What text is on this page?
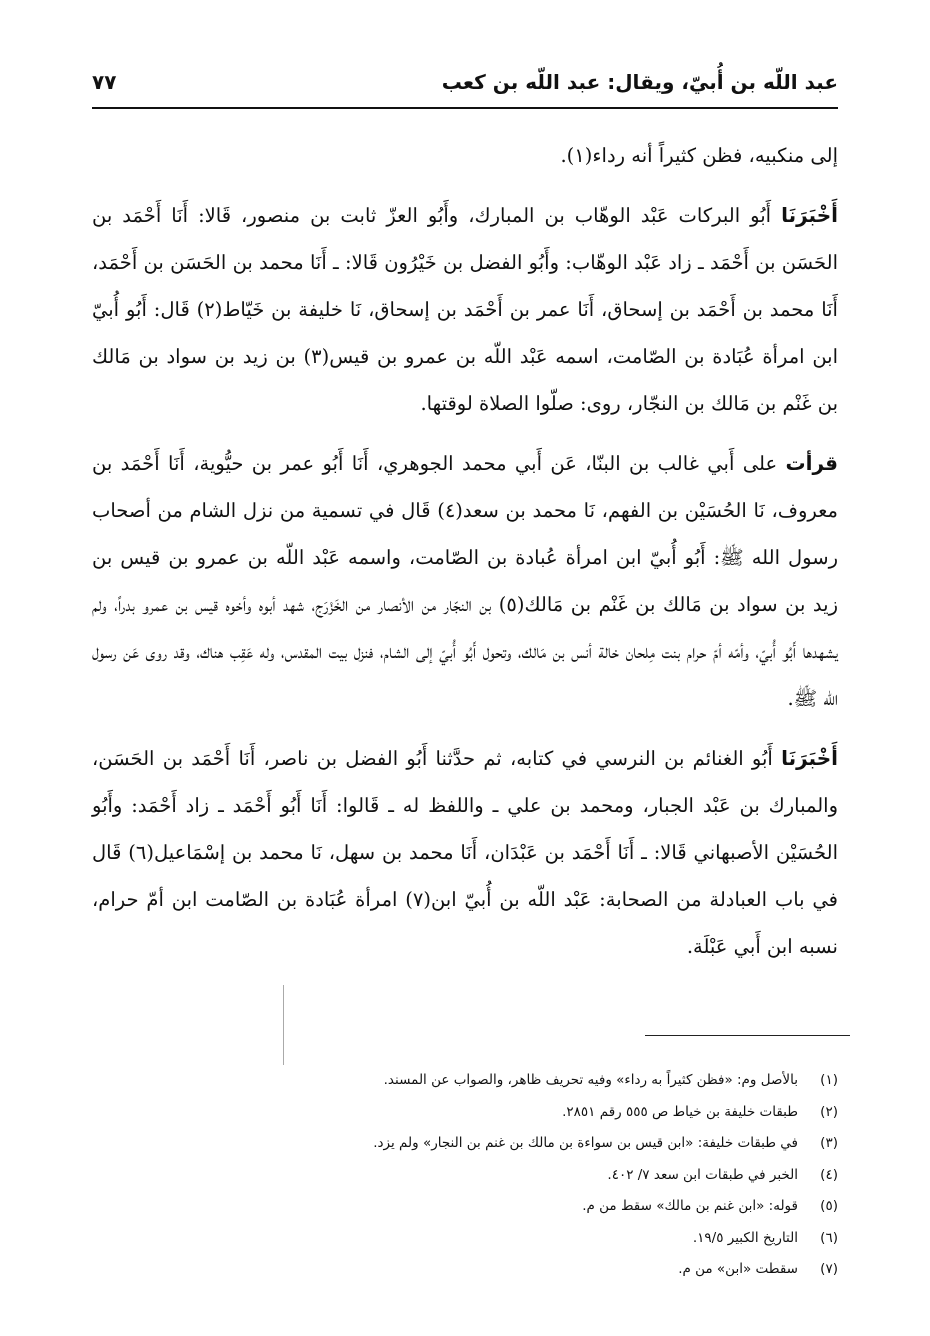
عبد اللّه بن أُبيّ، ويقال: عبد اللّه بن كعب
٧٧

إلى منكبيه، فظن كثيراً أنه رداء(١).

أَخْبَرَنَا أَبُو البركات عَبْد الوهّاب بن المبارك، وأَبُو العزّ ثابت بن منصور، قَالا: أَنَا أَحْمَد بن الحَسَن بن أَحْمَد ـ زاد عَبْد الوهّاب: وأَبُو الفضل بن خَيْرُون قَالا: ـ أَنَا محمد بن الحَسَن بن أَحْمَد، أَنَا محمد بن أَحْمَد بن إسحاق، أَنَا عمر بن أَحْمَد بن إسحاق، نَا خليفة بن خَيّاط(٢) قَال: أَبُو أُبيّ ابن امرأة عُبَادة بن الصّامت، اسمه عَبْد اللّه بن عمرو بن قيس(٣) بن زيد بن سواد بن مَالك بن غَنْم بن مَالك بن النجّار، روى: صلّوا الصلاة لوقتها.

قرأت على أَبي غالب بن البنّا، عَن أَبي محمد الجوهري، أَنَا أَبُو عمر بن حيُّوية، أَنَا أَحْمَد بن معروف، نَا الحُسَيْن بن الفهم، نَا محمد بن سعد(٤) قَال في تسمية من نزل الشام من أصحاب رسول الله ﷺ: أَبُو أُبيّ ابن امرأة عُبادة بن الصّامت، واسمه عَبْد اللّه بن عمرو بن قيس بن زيد بن سواد بن مَالك بن غَنْم بن مَالك(٥) بن النجّار من الأنصار من الخَزْرَج، شهد أبوه وأخوه قيس بن عمرو بدراً، ولم يشهدها أَبُو أُبيّ، وأمّه أمّ حرام بنت مِلحان خالة أنس بن مَالك، وتحول أَبُو أُبيّ إلى الشام، فنزل بيت المقدس، وله عَقِب هناك، وقد روى عَن رسول الله ﷺ.

أَخْبَرَنَا أَبُو الغنائم بن النرسي في كتابه، ثم حدَّثنا أَبُو الفضل بن ناصر، أَنَا أَحْمَد بن الحَسَن، والمبارك بن عَبْد الجبار، ومحمد بن علي ـ واللفظ له ـ قَالوا: أَنَا أَبُو أَحْمَد ـ زاد أَحْمَد: وأَبُو الحُسَيْن الأصبهاني قَالا: ـ أَنَا أَحْمَد بن عَبْدَان، أَنَا محمد بن سهل، نَا محمد بن إسْمَاعيل(٦) قَال في باب العبادلة من الصحابة: عَبْد اللّه بن أُبيّ ابن(٧) امرأة عُبَادة بن الصّامت ابن أمّ حرام، نسبه ابن أَبي عَبْلَة.

(١)بالأصل وم: «فظن كثيراً به رداء» وفيه تحريف ظاهر، والصواب عن المسند.
(٢)طبقات خليفة بن خياط ص ٥٥٥ رقم ٢٨٥١.
(٣)في طبقات خليفة: «ابن قيس بن سواءة بن مالك بن غنم بن النجار» ولم يزد.
(٤)الخبر في طبقات ابن سعد ٧/ ٤٠٢.
(٥)قوله: «ابن غنم بن مالك» سقط من م.
(٦)التاريخ الكبير ١٩/٥.
(٧)سقطت «ابن» من م.
